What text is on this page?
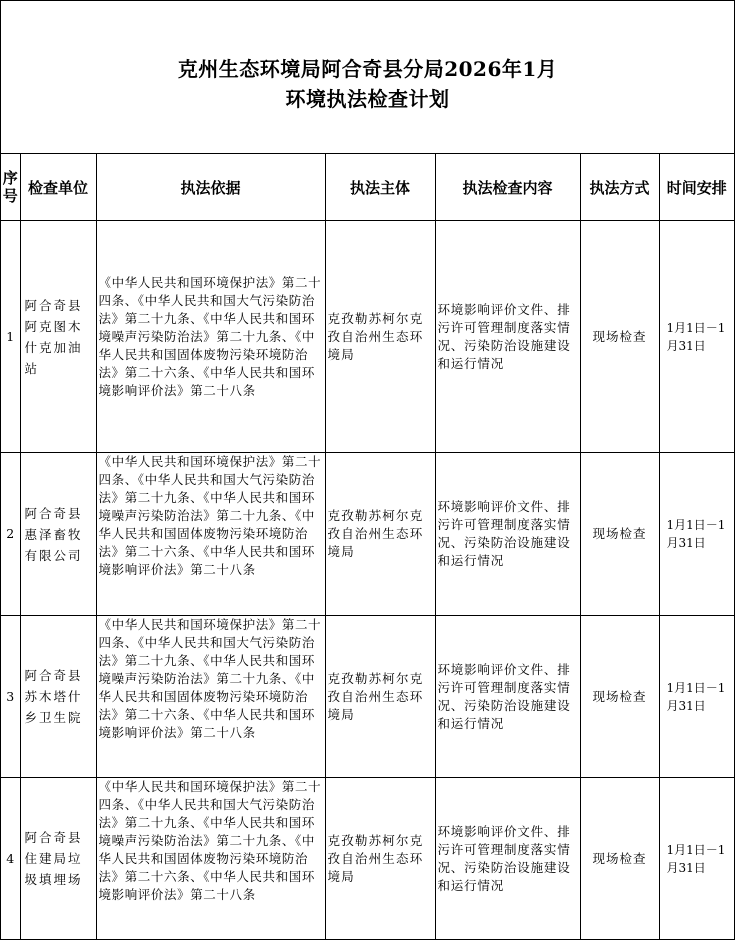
克州生态环境局阿合奇县分局2026年1月
环境执法检查计划
序号	检查单位	执法依据	执法主体	执法检查内容	执法方式	时间安排
1	阿合奇县阿克图木什克加油站	《中华人民共和国环境保护法》第二十四条、《中华人民共和国大气污染防治法》第二十九条、《中华人民共和国环境噪声污染防治法》第二十九条、《中华人民共和国固体废物污染环境防治法》第二十六条、《中华人民共和国环境影响评价法》第二十八条	克孜勒苏柯尔克孜自治州生态环境局	环境影响评价文件、排污许可管理制度落实情况、污染防治设施建设和运行情况	现场检查	1月1日－1月31日
2	阿合奇县惠泽畜牧有限公司	《中华人民共和国环境保护法》第二十四条、《中华人民共和国大气污染防治法》第二十九条、《中华人民共和国环境噪声污染防治法》第二十九条、《中华人民共和国固体废物污染环境防治法》第二十六条、《中华人民共和国环境影响评价法》第二十八条	克孜勒苏柯尔克孜自治州生态环境局	环境影响评价文件、排污许可管理制度落实情况、污染防治设施建设和运行情况	现场检查	1月1日－1月31日
3	阿合奇县苏木塔什乡卫生院	《中华人民共和国环境保护法》第二十四条、《中华人民共和国大气污染防治法》第二十九条、《中华人民共和国环境噪声污染防治法》第二十九条、《中华人民共和国固体废物污染环境防治法》第二十六条、《中华人民共和国环境影响评价法》第二十八条	克孜勒苏柯尔克孜自治州生态环境局	环境影响评价文件、排污许可管理制度落实情况、污染防治设施建设和运行情况	现场检查	1月1日－1月31日
4	阿合奇县住建局垃圾填埋场	《中华人民共和国环境保护法》第二十四条、《中华人民共和国大气污染防治法》第二十九条、《中华人民共和国环境噪声污染防治法》第二十九条、《中华人民共和国固体废物污染环境防治法》第二十六条、《中华人民共和国环境影响评价法》第二十八条	克孜勒苏柯尔克孜自治州生态环境局	环境影响评价文件、排污许可管理制度落实情况、污染防治设施建设和运行情况	现场检查	1月1日－1月31日
